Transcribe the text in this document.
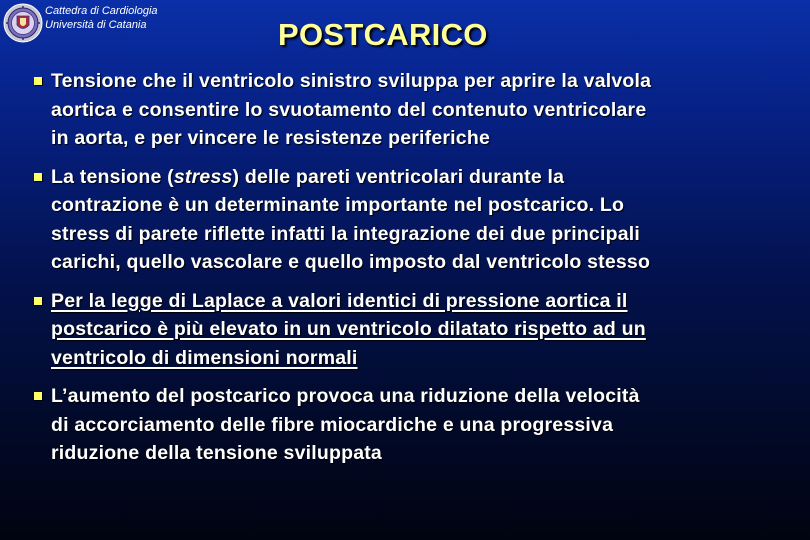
Cattedra di Cardiologia
Università di Catania	POSTCARICO
Tensione che il ventricolo sinistro sviluppa per aprire la valvola
aortica e consentire lo svuotamento del contenuto ventricolare
in aorta, e per vincere le resistenze periferiche
La tensione (stress) delle pareti ventricolari durante la
contrazione è un determinante importante nel postcarico. Lo
stress di parete riflette infatti la integrazione dei due principali
carichi, quello vascolare e quello imposto dal ventricolo stesso
Per la legge di Laplace a valori identici di pressione aortica il
postcarico è più elevato in un ventricolo dilatato rispetto ad un
ventricolo di dimensioni normali
L’aumento del postcarico provoca una riduzione della velocità
di accorciamento delle fibre miocardiche e una progressiva
riduzione della tensione sviluppata
